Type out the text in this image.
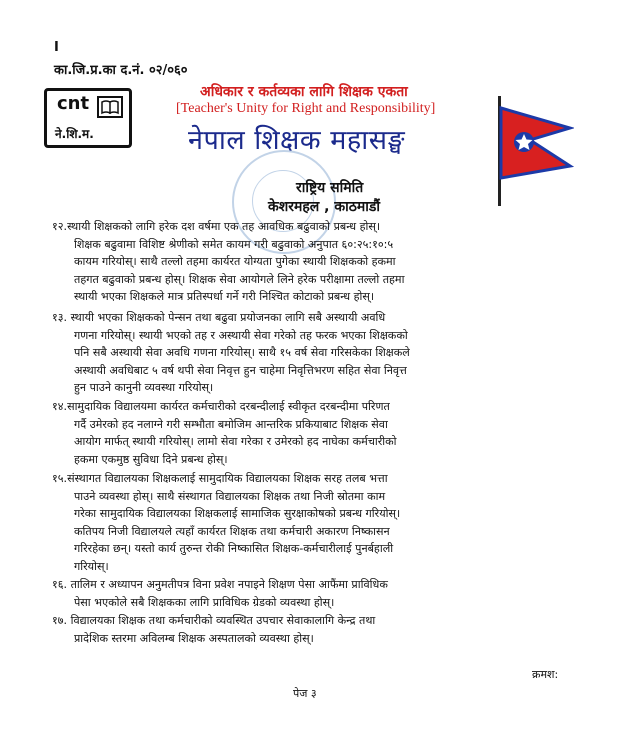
I
का.जि.प्र.का द.नं. ०२/०६०
cnt
ने.शि.म.
अधिकार र कर्तव्यका लागि शिक्षक एकता
[Teacher's Unity for Right and Responsibility]
नेपाल शिक्षक महासङ्घ
राष्ट्रिय समिति
केशरमहल , काठमाडौं
१२.स्थायी शिक्षकको लागि हरेक दश वर्षमा एक तह आवधिक बढुवाको प्रबन्ध होस्।
शिक्षक बढुवामा विशिष्ट श्रेणीको समेत कायम गरी बढुवाको अनुपात ६०:२५:१०:५
कायम गरियोस्। साथै तल्लो तहमा कार्यरत योग्यता पुगेका स्थायी शिक्षकको हकमा
तहगत बढुवाको प्रबन्ध होस्। शिक्षक सेवा आयोगले लिने हरेक परीक्षामा तल्लो तहमा
स्थायी भएका शिक्षकले मात्र प्रतिस्पर्धा गर्ने गरी निश्चित कोटाको प्रबन्ध होस्।
१३. स्थायी भएका शिक्षकको पेन्सन तथा बढुवा प्रयोजनका लागि सबै अस्थायी अवधि
गणना गरियोस्। स्थायी भएको तह र अस्थायी सेवा गरेको तह फरक भएका शिक्षकको
पनि सबै अस्थायी सेवा अवधि गणना गरियोस्। साथै १५ वर्ष सेवा गरिसकेका शिक्षकले
अस्थायी अवधिबाट ५ वर्ष थपी सेवा निवृत्त हुन चाहेमा निवृत्तिभरण सहित सेवा निवृत्त
हुन पाउने कानुनी व्यवस्था गरियोस्।
१४.सामुदायिक विद्यालयमा कार्यरत कर्मचारीको दरबन्दीलाई स्वीकृत दरबन्दीमा परिणत
गर्दै उमेरको हद नलाग्ने गरी सम्भौता बमोजिम आन्तरिक प्रकियाबाट शिक्षक सेवा
आयोग मार्फत् स्थायी गरियोस्। लामो सेवा गरेका र उमेरको हद नाघेका कर्मचारीको
हकमा एकमुष्ठ सुविधा दिने प्रबन्ध होस्।
१५.संस्थागत विद्यालयका शिक्षकलाई सामुदायिक विद्यालयका शिक्षक सरह तलब भत्ता
पाउने व्यवस्था होस्। साथै संस्थागत विद्यालयका शिक्षक तथा निजी स्रोतमा काम
गरेका सामुदायिक विद्यालयका शिक्षकलाई सामाजिक सुरक्षाकोषको प्रबन्ध गरियोस्।
कतिपय निजी विद्यालयले त्यहाँ कार्यरत शिक्षक तथा कर्मचारी अकारण निष्कासन
गरिरहेका छन्। यस्तो कार्य तुरुन्त रोकी निष्कासित शिक्षक-कर्मचारीलाई पुनर्बहाली
गरियोस्।
१६. तालिम र अध्यापन अनुमतीपत्र विना प्रवेश नपाइने शिक्षण पेसा आफैंमा प्राविधिक
पेसा भएकोले सबै शिक्षकका लागि प्राविधिक ग्रेडको व्यवस्था होस्।
१७. विद्यालयका शिक्षक तथा कर्मचारीको व्यवस्थित उपचार सेवाकालागि केन्द्र तथा
प्रादेशिक स्तरमा अविलम्ब शिक्षक अस्पतालको व्यवस्था होस्।
क्रमश:
पेज ३
